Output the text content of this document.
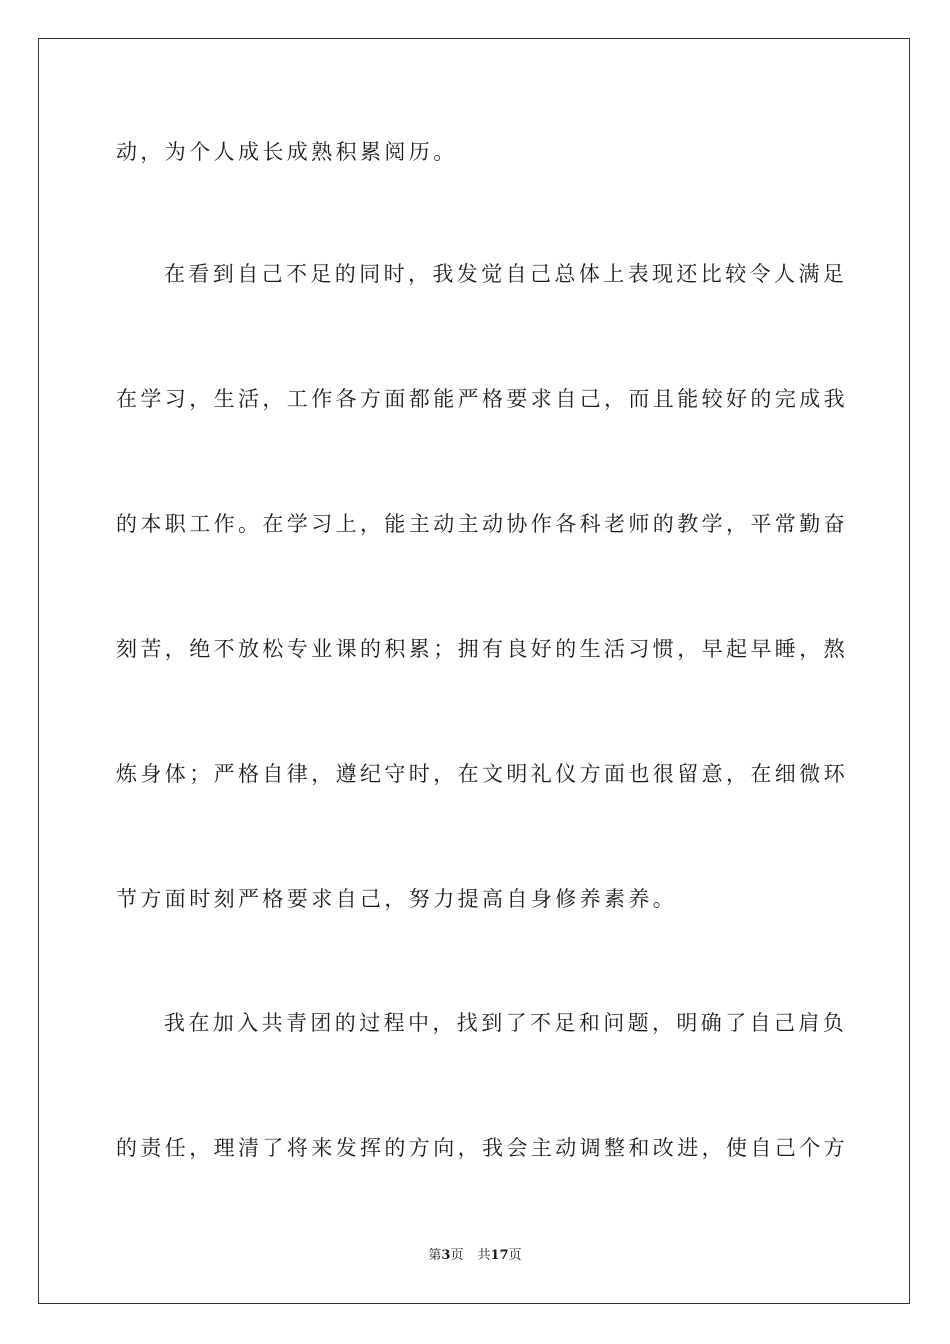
动，为个人成长成熟积累阅历。
在看到自己不足的同时，我发觉自己总体上表现还比较令人满足
在学习，生活，工作各方面都能严格要求自己，而且能较好的完成我
的本职工作。在学习上，能主动主动协作各科老师的教学，平常勤奋
刻苦，绝不放松专业课的积累；拥有良好的生活习惯，早起早睡，熬
炼身体；严格自律，遵纪守时，在文明礼仪方面也很留意，在细微环
节方面时刻严格要求自己，努力提高自身修养素养。
我在加入共青团的过程中，找到了不足和问题，明确了自己肩负
的责任，理清了将来发挥的方向，我会主动调整和改进，使自己个方
第3页 共17页
